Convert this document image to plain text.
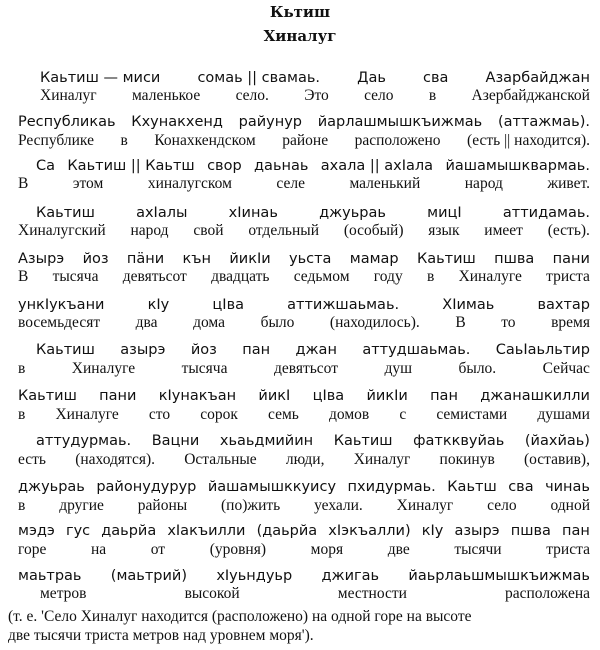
Кьтиш
Хиналуг
Каьтиш — миси	сомаь || свамаь.	Даь	сва	Азарбайджан
Хиналуг маленькое село. Это село в Азербайджанской
Республикаь Кхунакхенд райунур йарлашмышкъижмаь (аттажмаь).
Республике в Конахкендском районе расположено (есть || находится).
Са Каьтиш || Каьтш свор даьнаь ахала || ахІала йашамышквармаь.
В	этом	хиналугском	селе	маленький	народ	живет.
Каьтиш	ахІалы	хІинаь	джуьраь	мицІ	аттидамаь.
Хиналугский народ свой отдельный (особый) язык имеет (есть).
Азырэ йоз пäни кън йикІи уьста мамар Каьтиш пшва пани
В тысяча девятьсот двадцать седьмом году в Хиналуге триста
ункІукъани	кІу	цІва	аттижшаьмаь.	ХІимаь	вахтар
восемьдесят два дома было (находилось). В то время
Каьтиш азырэ йоз пан джан аттудшаьмаь. СаьІаьльтир
в	Хиналуге	тысяча	девятьсот	душ	было.	Сейчас
Каьтиш пани кІунакъан йикІ цІва йикІи пан джанашкилли
в Хиналуге сто сорок семь домов с семистами душами
аттудурмаь. Вацни хьаьдмийин Каьтиш фаткквуйаь (йахйаь)
есть (находятся). Остальные люди, Хиналуг покинув (оставив),
джуьраь районудурур йашамышккуису пхидурмаь. Каьтш сва чинаь
в другие районы (по)жить уехали. Хиналуг село одной
мэдэ гус даьрйа хІакъилли (даьрйа хІэкъалли) кІу азырэ пшва пан
горе	на	от	(уровня)	моря	две	тысячи	триста
маьтраь (маьтрий) хІуьндуьр джигаь йаьрлаьшмышкъижмаь
метров	высокой	местности	расположена
(т. е. 'Село Хиналуг находится (расположено) на одной горе на высоте
две тысячи триста метров над уровнем моря').
